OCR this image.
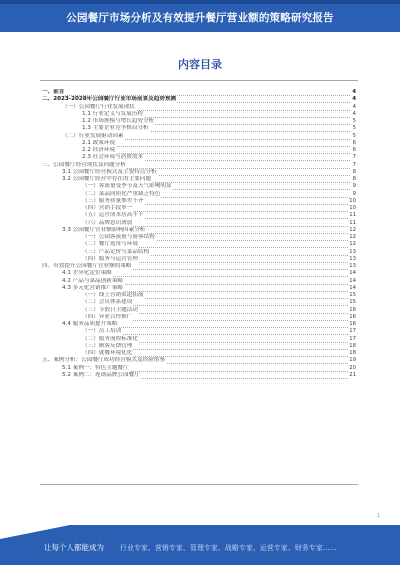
公园餐厅市场分析及有效提升餐厅营业额的策略研究报告
内容目录
一、前言	4
二、2023-2028年公园餐厅行业市场前景及趋势预测	4
（一）公园餐厅行业发展现状	4
1.1 行业定义与发展历程	4
1.2 市场规模与增长趋势分析	5
1.3 主要企业竞争格局分析	5
（二）行业发展驱动因素	5
2.1 政策环境	6
2.2 经济环境	6
2.3 社会环境与消费需求	7
三、公园餐厅经营现状及问题分析	7
3.1 公园餐厅经营模式及主要特点分析	8
3.2 公园餐厅经营中存在的主要问题	8
（一）客流量受季节及天气影响明显	9
（二）菜品同质化严重缺乏特色	9
（三）服务质量参差不齐	10
（四）营销手段单一	10
（五）运营成本居高不下	11
（六）品牌意识薄弱	11
3.3 公园餐厅营业额影响因素分析	12
（一）公园客流量与游客结构	12
（二）餐厅选址与环境	12
（三）产品定价与菜品结构	13
（四）服务与运营管理	13
四、有效提升公园餐厅营业额的策略	13
4.1 差异化定位策略	14
4.2 产品与菜品创新策略	14
4.3 多元化营销推广策略	14
（一）线上营销渠道拓展	15
（二）会员体系建设	15
（三）节假日主题活动	16
（四）异业合作推广	16
4.4 服务品质提升策略	16
（一）员工培训	17
（二）服务流程标准化	17
（三）顾客反馈管理	18
（四）就餐环境优化	18
五、案例分析：公园餐厅成功经营模式及经验借鉴	19
5.1 案例一：特色主题餐厅	20
5.2 案例二：连锁品牌公园餐厅	21
1
让每个人都能成为 行业专家、营销专家、管理专家、战略专家、运营专家、财务专家……
